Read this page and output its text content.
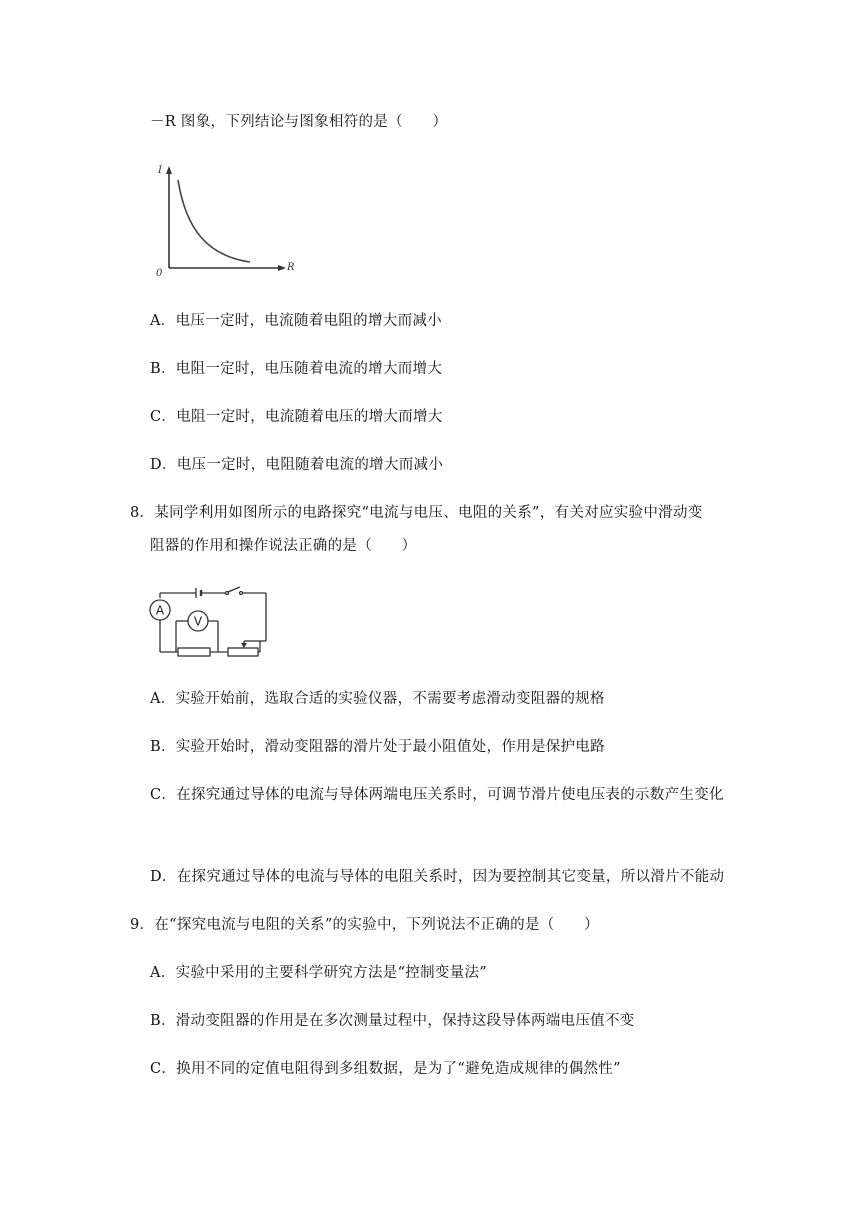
－R 图象，下列结论与图象相符的是（　　）
I
R
0
A．电压一定时，电流随着电阻的增大而减小
B．电阻一定时，电压随着电流的增大而增大
C．电阻一定时，电流随着电压的增大而增大
D．电压一定时，电阻随着电流的增大而减小
8．某同学利用如图所示的电路探究“电流与电压、电阻的关系”，有关对应实验中滑动变
阻器的作用和操作说法正确的是（　　）
A
V
A．实验开始前，选取合适的实验仪器，不需要考虑滑动变阻器的规格
B．实验开始时，滑动变阻器的滑片处于最小阻值处，作用是保护电路
C．在探究通过导体的电流与导体两端电压关系时，可调节滑片使电压表的示数产生变化
D．在探究通过导体的电流与导体的电阻关系时，因为要控制其它变量，所以滑片不能动
9．在“探究电流与电阻的关系”的实验中，下列说法不正确的是（　　）
A．实验中采用的主要科学研究方法是“控制变量法”
B．滑动变阻器的作用是在多次测量过程中，保持这段导体两端电压值不变
C．换用不同的定值电阻得到多组数据，是为了“避免造成规律的偶然性”
